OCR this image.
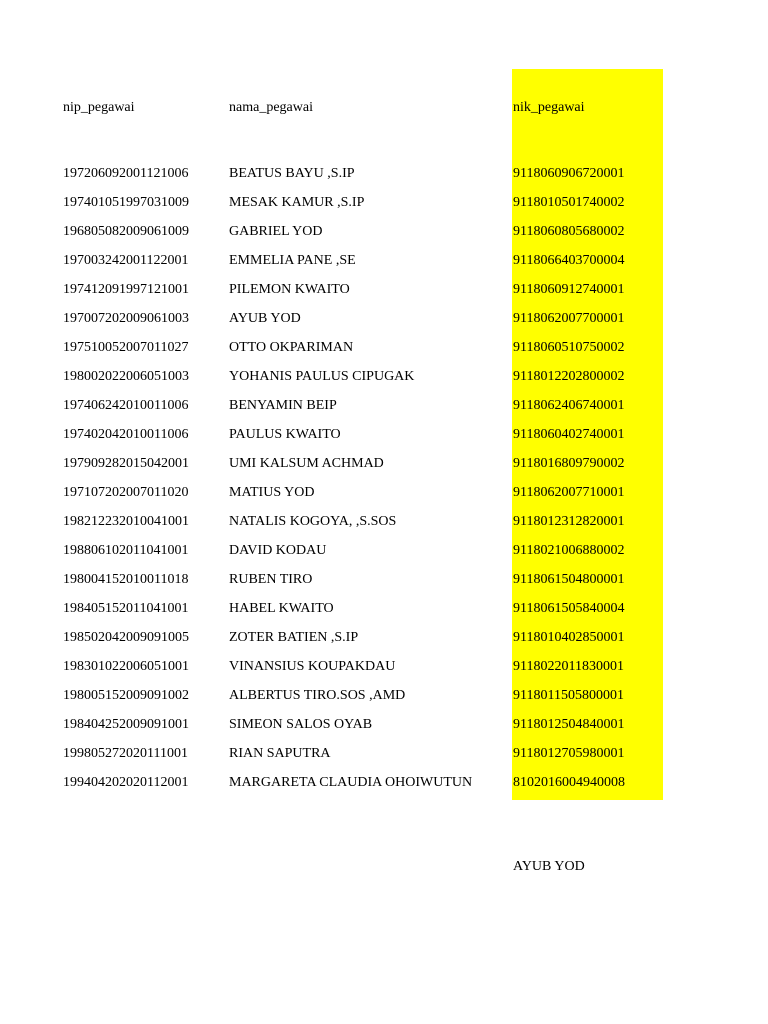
nip_pegawai	nama_pegawai	nik_pegawai
197206092001121006	BEATUS BAYU ,S.IP	9118060906720001
197401051997031009	MESAK KAMUR ,S.IP	9118010501740002
196805082009061009	GABRIEL YOD	9118060805680002
197003242001122001	EMMELIA PANE ,SE	9118066403700004
197412091997121001	PILEMON KWAITO	9118060912740001
197007202009061003	AYUB YOD	9118062007700001
197510052007011027	OTTO OKPARIMAN	9118060510750002
198002022006051003	YOHANIS PAULUS CIPUGAK	9118012202800002
197406242010011006	BENYAMIN BEIP	9118062406740001
197402042010011006	PAULUS KWAITO	9118060402740001
197909282015042001	UMI KALSUM ACHMAD	9118016809790002
197107202007011020	MATIUS YOD	9118062007710001
198212232010041001	NATALIS KOGOYA, ,S.SOS	9118012312820001
198806102011041001	DAVID KODAU	9118021006880002
198004152010011018	RUBEN TIRO	9118061504800001
198405152011041001	HABEL KWAITO	9118061505840004
198502042009091005	ZOTER BATIEN ,S.IP	9118010402850001
198301022006051001	VINANSIUS KOUPAKDAU	9118022011830001
198005152009091002	ALBERTUS TIRO.SOS ,AMD	9118011505800001
198404252009091001	SIMEON SALOS OYAB	9118012504840001
199805272020111001	RIAN SAPUTRA	9118012705980001
199404202020112001	MARGARETA CLAUDIA OHOIWUTUN	8102016004940008
AYUB YOD
